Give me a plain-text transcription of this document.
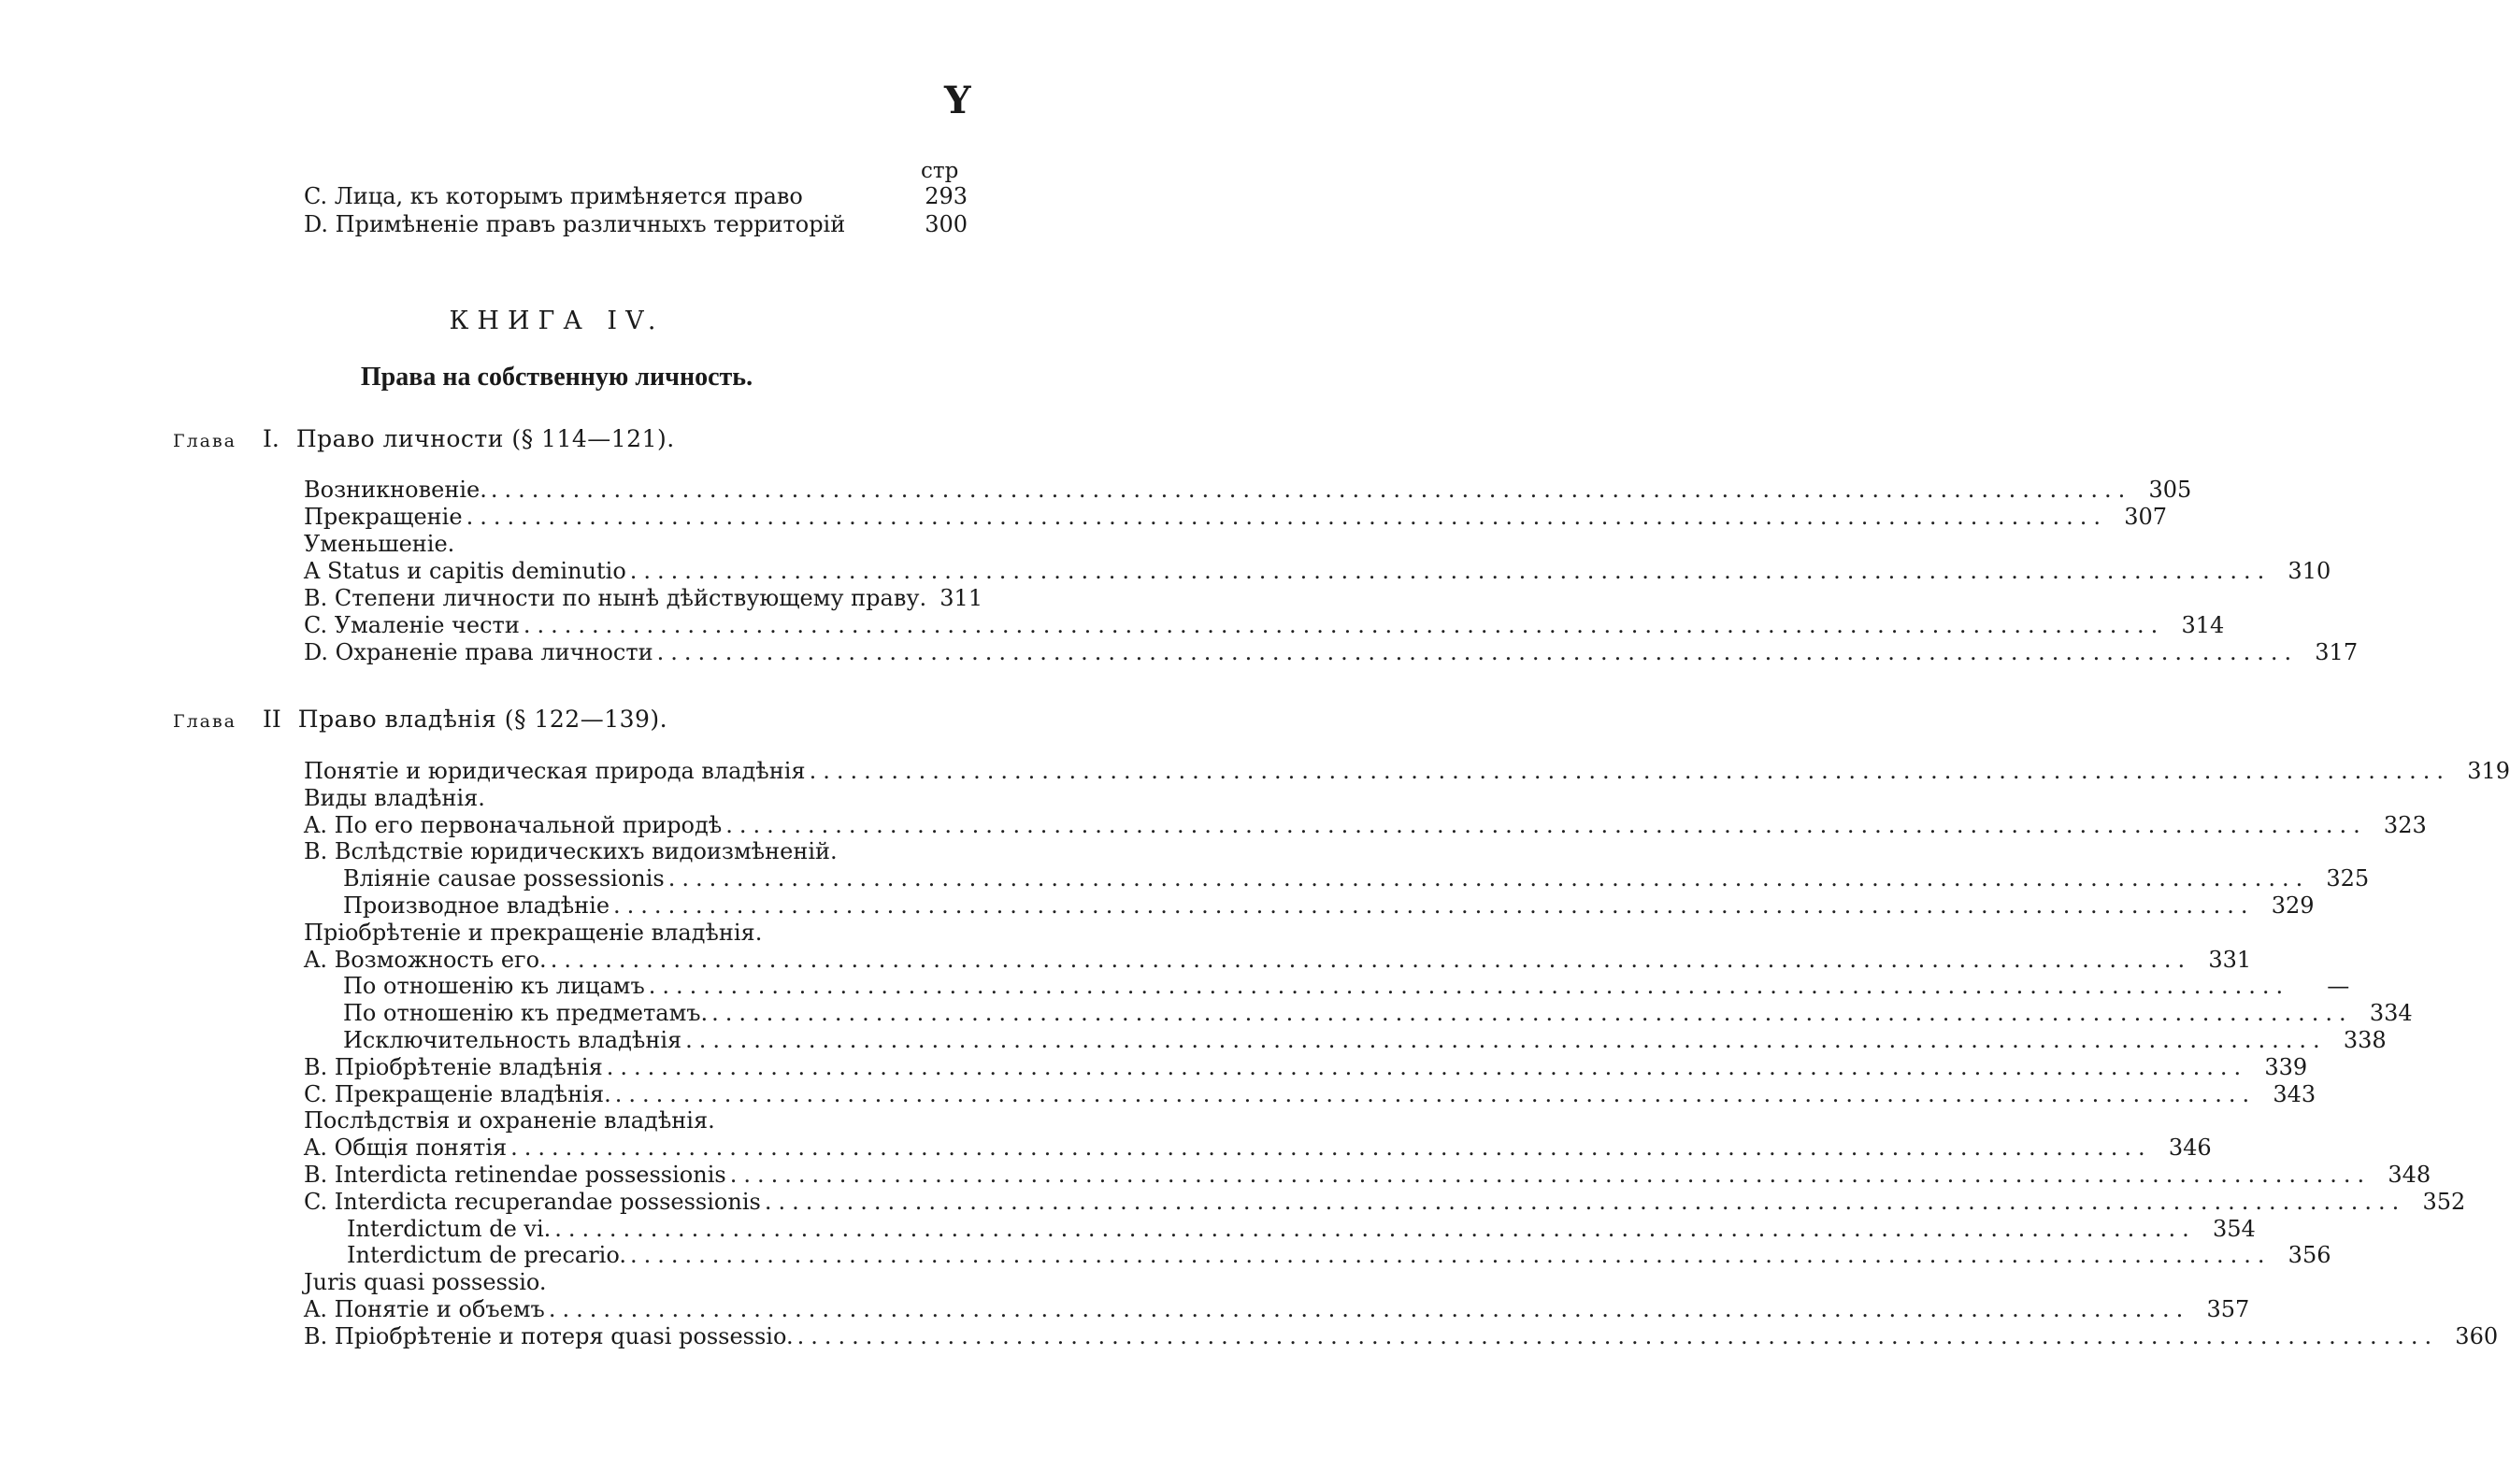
Y
стр
C. Лица, къ которымъ примѣняется право	293
D. Примѣненіе правъ различныхъ территорій	300
КНИГА IV.
Права на собственную личность.
Глава I. Право личности (§ 114—121).
Возникновеніе. ........................................................................................................................ 305
Прекращеніе ........................................................................................................................ 307
Уменьшеніе.
A Status и capitis deminutio ........................................................................................................................ 310
B. Степени личности по нынѣ дѣйствующему праву. 311
C. Умаленіе чести ........................................................................................................................ 314
D. Охраненіе права личности ........................................................................................................................ 317
Глава II Право владѣнія (§ 122—139).
Понятіе и юридическая природа владѣнія ........................................................................................................................ 319
Виды владѣнія.
A. По его первоначальной природѣ ........................................................................................................................ 323
B. Вслѣдствіе юридическихъ видоизмѣненій.
Вліяніе causae possessionis ........................................................................................................................ 325
Производное владѣніе ........................................................................................................................ 329
Пріобрѣтеніе и прекращеніе владѣнія.
A. Возможность его. ........................................................................................................................ 331
По отношенію къ лицамъ ........................................................................................................................	—
По отношенію къ предметамъ. ........................................................................................................................ 334
Исключительность владѣнія ........................................................................................................................ 338
B. Пріобрѣтеніе владѣнія ........................................................................................................................ 339
C. Прекращеніе владѣнія. ........................................................................................................................ 343
Послѣдствія и охраненіе владѣнія.
A. Общія понятія ........................................................................................................................ 346
B. Interdicta retinendae possessionis ........................................................................................................................ 348
C. Interdicta recuperandae possessionis ........................................................................................................................ 352
Interdictum de vi. ........................................................................................................................ 354
Interdictum de precario. ........................................................................................................................ 356
Juris quasi possessio.
A. Понятіе и объемъ ........................................................................................................................ 357
B. Пріобрѣтеніе и потеря quasi possessio. ........................................................................................................................ 360
